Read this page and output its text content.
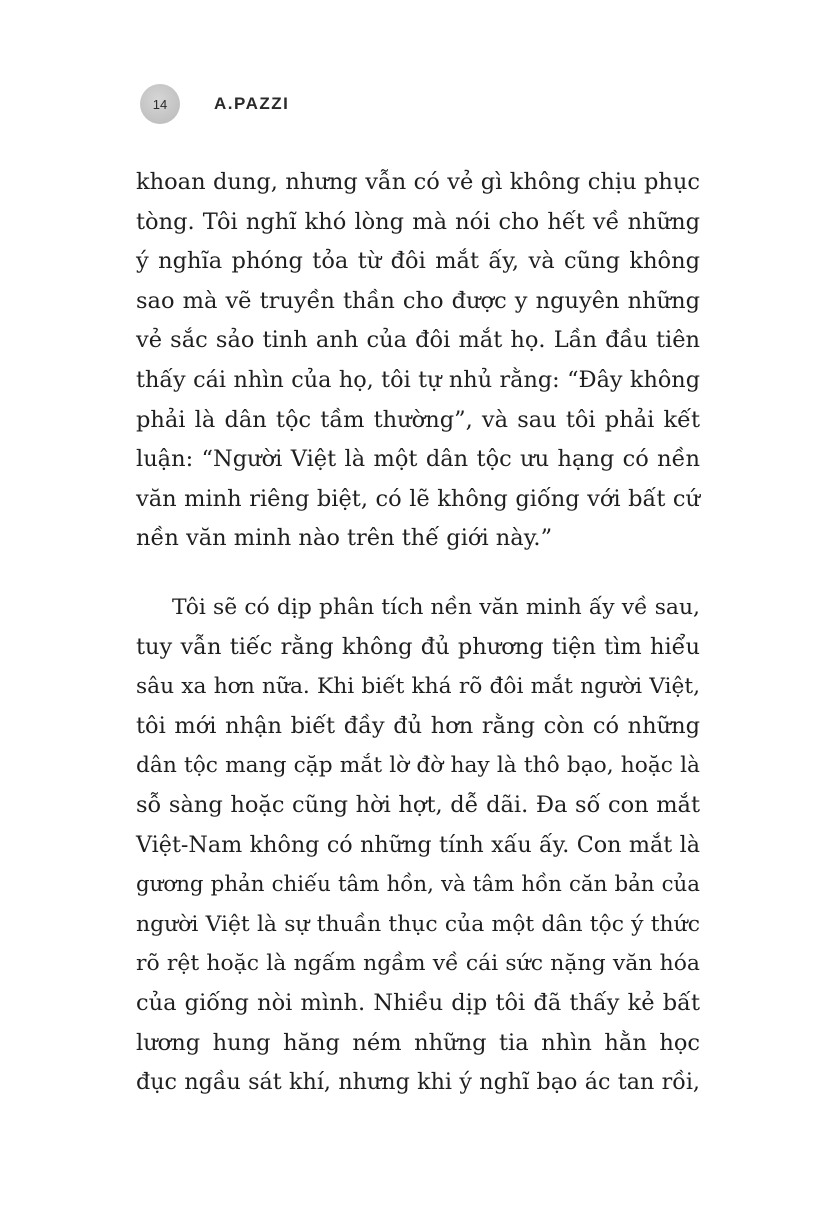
14	A.PAZZI
khoan dung, nhưng vẫn có vẻ gì không chịu phục
tòng. Tôi nghĩ khó lòng mà nói cho hết về những
ý nghĩa phóng tỏa từ đôi mắt ấy, và cũng không
sao mà vẽ truyền thần cho được y nguyên những
vẻ sắc sảo tinh anh của đôi mắt họ. Lần đầu tiên
thấy cái nhìn của họ, tôi tự nhủ rằng: “Đây không
phải là dân tộc tầm thường”, và sau tôi phải kết
luận: “Người Việt là một dân tộc ưu hạng có nền
văn minh riêng biệt, có lẽ không giống với bất cứ
nền văn minh nào trên thế giới này.”
Tôi sẽ có dịp phân tích nền văn minh ấy về sau,
tuy vẫn tiếc rằng không đủ phương tiện tìm hiểu
sâu xa hơn nữa. Khi biết khá rõ đôi mắt người Việt,
tôi mới nhận biết đầy đủ hơn rằng còn có những
dân tộc mang cặp mắt lờ đờ hay là thô bạo, hoặc là
sỗ sàng hoặc cũng hời hợt, dễ dãi. Đa số con mắt
Việt-Nam không có những tính xấu ấy. Con mắt là
gương phản chiếu tâm hồn, và tâm hồn căn bản của
người Việt là sự thuần thục của một dân tộc ý thức
rõ rệt hoặc là ngấm ngầm về cái sức nặng văn hóa
của giống nòi mình. Nhiều dịp tôi đã thấy kẻ bất
lương hung hăng ném những tia nhìn hằn học
đục ngầu sát khí, nhưng khi ý nghĩ bạo ác tan rồi,
